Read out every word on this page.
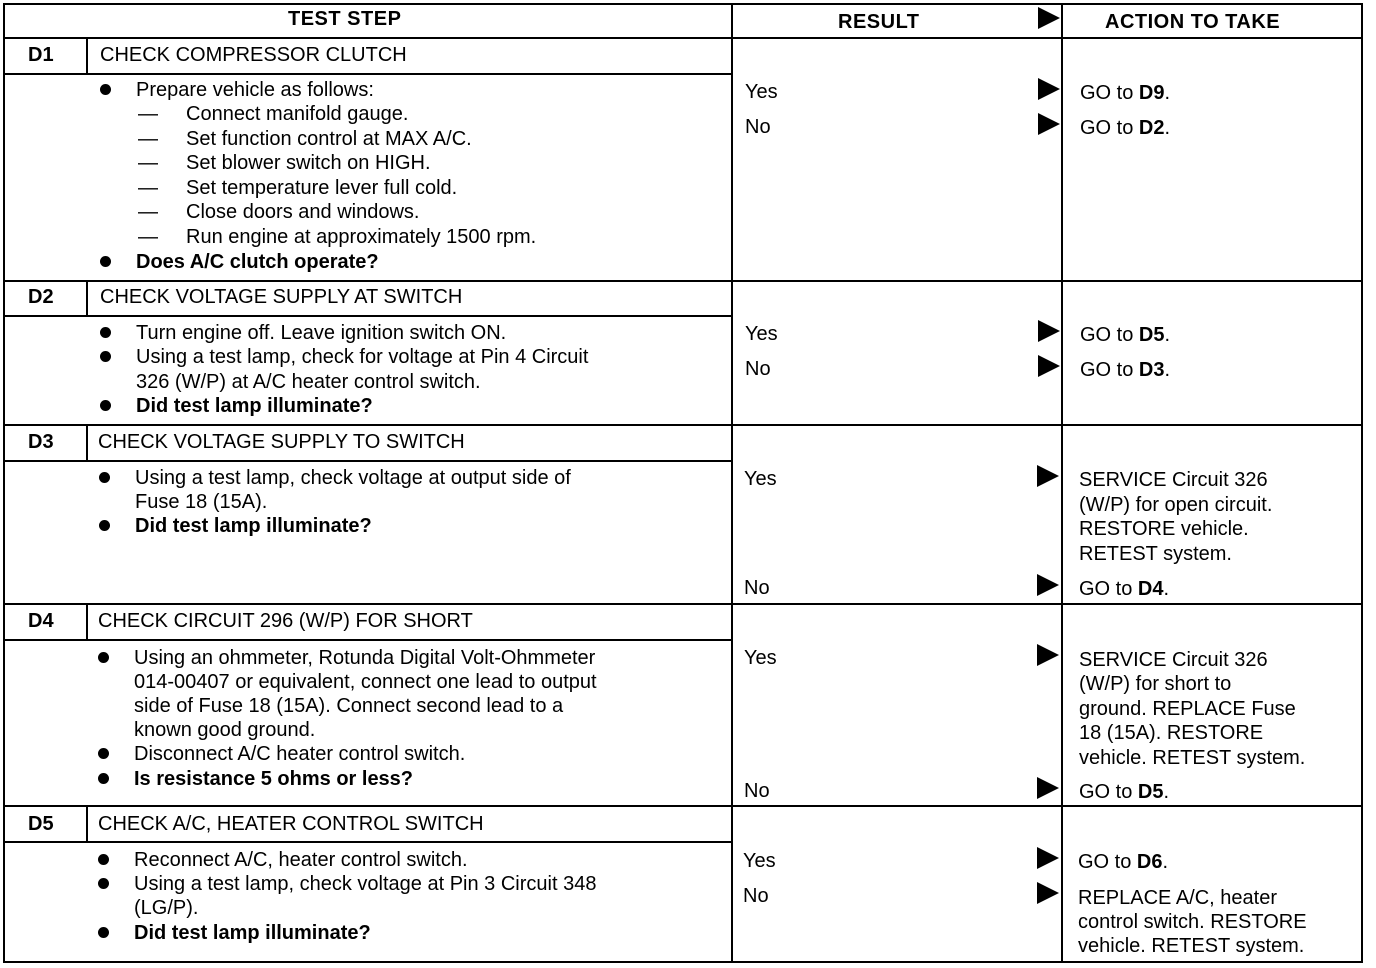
TEST STEP	RESULT	ACTION TO TAKE
D1 CHECK COMPRESSOR CLUTCH
Prepare vehicle as follows:
— Connect manifold gauge.
— Set function control at MAX A/C.
— Set blower switch on HIGH.
— Set temperature lever full cold.
— Close doors and windows.
— Run engine at approximately 1500 rpm.
Does A/C clutch operate?
Yes	GO to D9.
No	GO to D2.
D2 CHECK VOLTAGE SUPPLY AT SWITCH
Turn engine off. Leave ignition switch ON.
Using a test lamp, check for voltage at Pin 4 Circuit
326 (W/P) at A/C heater control switch.
Did test lamp illuminate?
Yes	GO to D5.
No	GO to D3.
D3 CHECK VOLTAGE SUPPLY TO SWITCH
Using a test lamp, check voltage at output side of
Fuse 18 (15A).
Did test lamp illuminate?
Yes	SERVICE Circuit 326
(W/P) for open circuit.
RESTORE vehicle.
RETEST system.
No	GO to D4.
D4 CHECK CIRCUIT 296 (W/P) FOR SHORT
Using an ohmmeter, Rotunda Digital Volt-Ohmmeter
014-00407 or equivalent, connect one lead to output
side of Fuse 18 (15A). Connect second lead to a
known good ground.
Disconnect A/C heater control switch.
Is resistance 5 ohms or less?
Yes	SERVICE Circuit 326
(W/P) for short to
ground. REPLACE Fuse
18 (15A). RESTORE
vehicle. RETEST system.
No	GO to D5.
D5 CHECK A/C, HEATER CONTROL SWITCH
Reconnect A/C, heater control switch.
Using a test lamp, check voltage at Pin 3 Circuit 348
(LG/P).
Did test lamp illuminate?
Yes	GO to D6.
No	REPLACE A/C, heater
control switch. RESTORE
vehicle. RETEST system.
